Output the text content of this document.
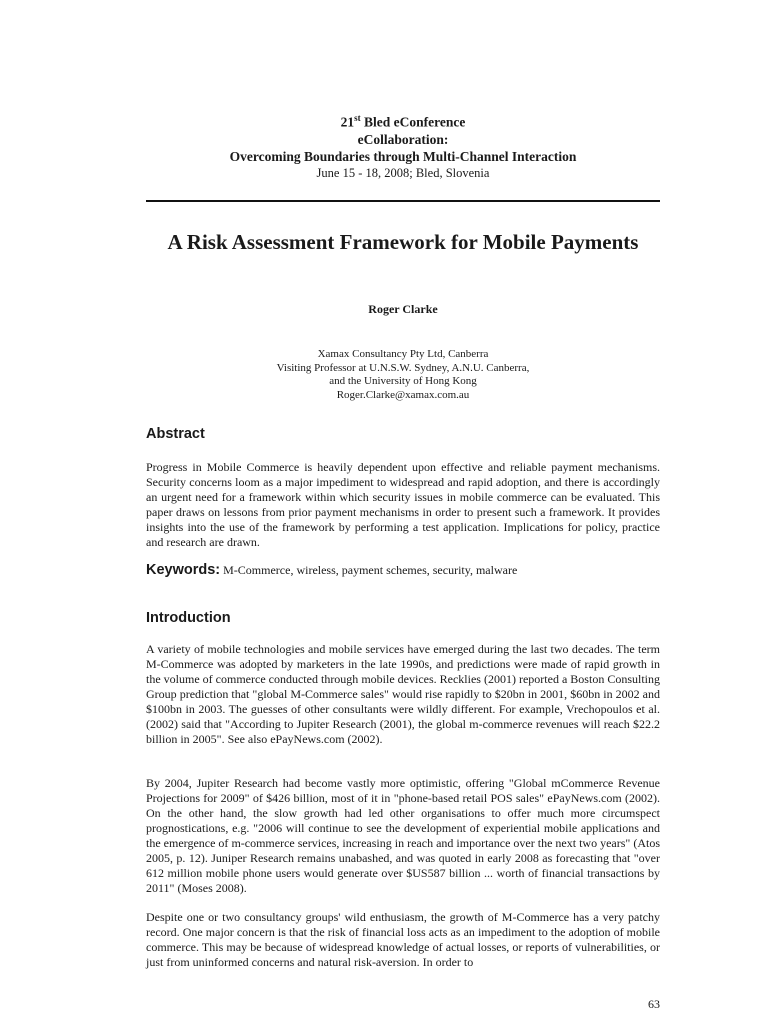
21st Bled eConference
eCollaboration:
Overcoming Boundaries through Multi-Channel Interaction
June 15 - 18, 2008; Bled, Slovenia
A Risk Assessment Framework for Mobile Payments
Roger Clarke
Xamax Consultancy Pty Ltd, Canberra
Visiting Professor at U.N.S.W. Sydney, A.N.U. Canberra,
and the University of Hong Kong
Roger.Clarke@xamax.com.au
Abstract

Progress in Mobile Commerce is heavily dependent upon effective and reliable payment mechanisms. Security concerns loom as a major impediment to widespread and rapid adoption, and there is accordingly an urgent need for a framework within which security issues in mobile commerce can be evaluated. This paper draws on lessons from prior payment mechanisms in order to present such a framework. It provides insights into the use of the framework by performing a test application. Implications for policy, practice and research are drawn.

Keywords: M-Commerce, wireless, payment schemes, security, malware
Introduction

A variety of mobile technologies and mobile services have emerged during the last two decades. The term M-Commerce was adopted by marketers in the late 1990s, and predictions were made of rapid growth in the volume of commerce conducted through mobile devices. Recklies (2001) reported a Boston Consulting Group prediction that "global M-Commerce sales" would rise rapidly to $20bn in 2001, $60bn in 2002 and $100bn in 2003. The guesses of other consultants were wildly different. For example, Vrechopoulos et al. (2002) said that "According to Jupiter Research (2001), the global m-commerce revenues will reach $22.2 billion in 2005". See also ePayNews.com (2002).

By 2004, Jupiter Research had become vastly more optimistic, offering "Global mCommerce Revenue Projections for 2009" of $426 billion, most of it in "phone-based retail POS sales" ePayNews.com (2002). On the other hand, the slow growth had led other organisations to offer much more circumspect prognostications, e.g. "2006 will continue to see the development of experiential mobile applications and the emergence of m-commerce services, increasing in reach and importance over the next two years" (Atos 2005, p. 12). Juniper Research remains unabashed, and was quoted in early 2008 as forecasting that "over 612 million mobile phone users would generate over $US587 billion ... worth of financial transactions by 2011" (Moses 2008).

Despite one or two consultancy groups' wild enthusiasm, the growth of M-Commerce has a very patchy record. One major concern is that the risk of financial loss acts as an impediment to the adoption of mobile commerce. This may be because of widespread knowledge of actual losses, or reports of vulnerabilities, or just from uninformed concerns and natural risk-aversion. In order to

63
